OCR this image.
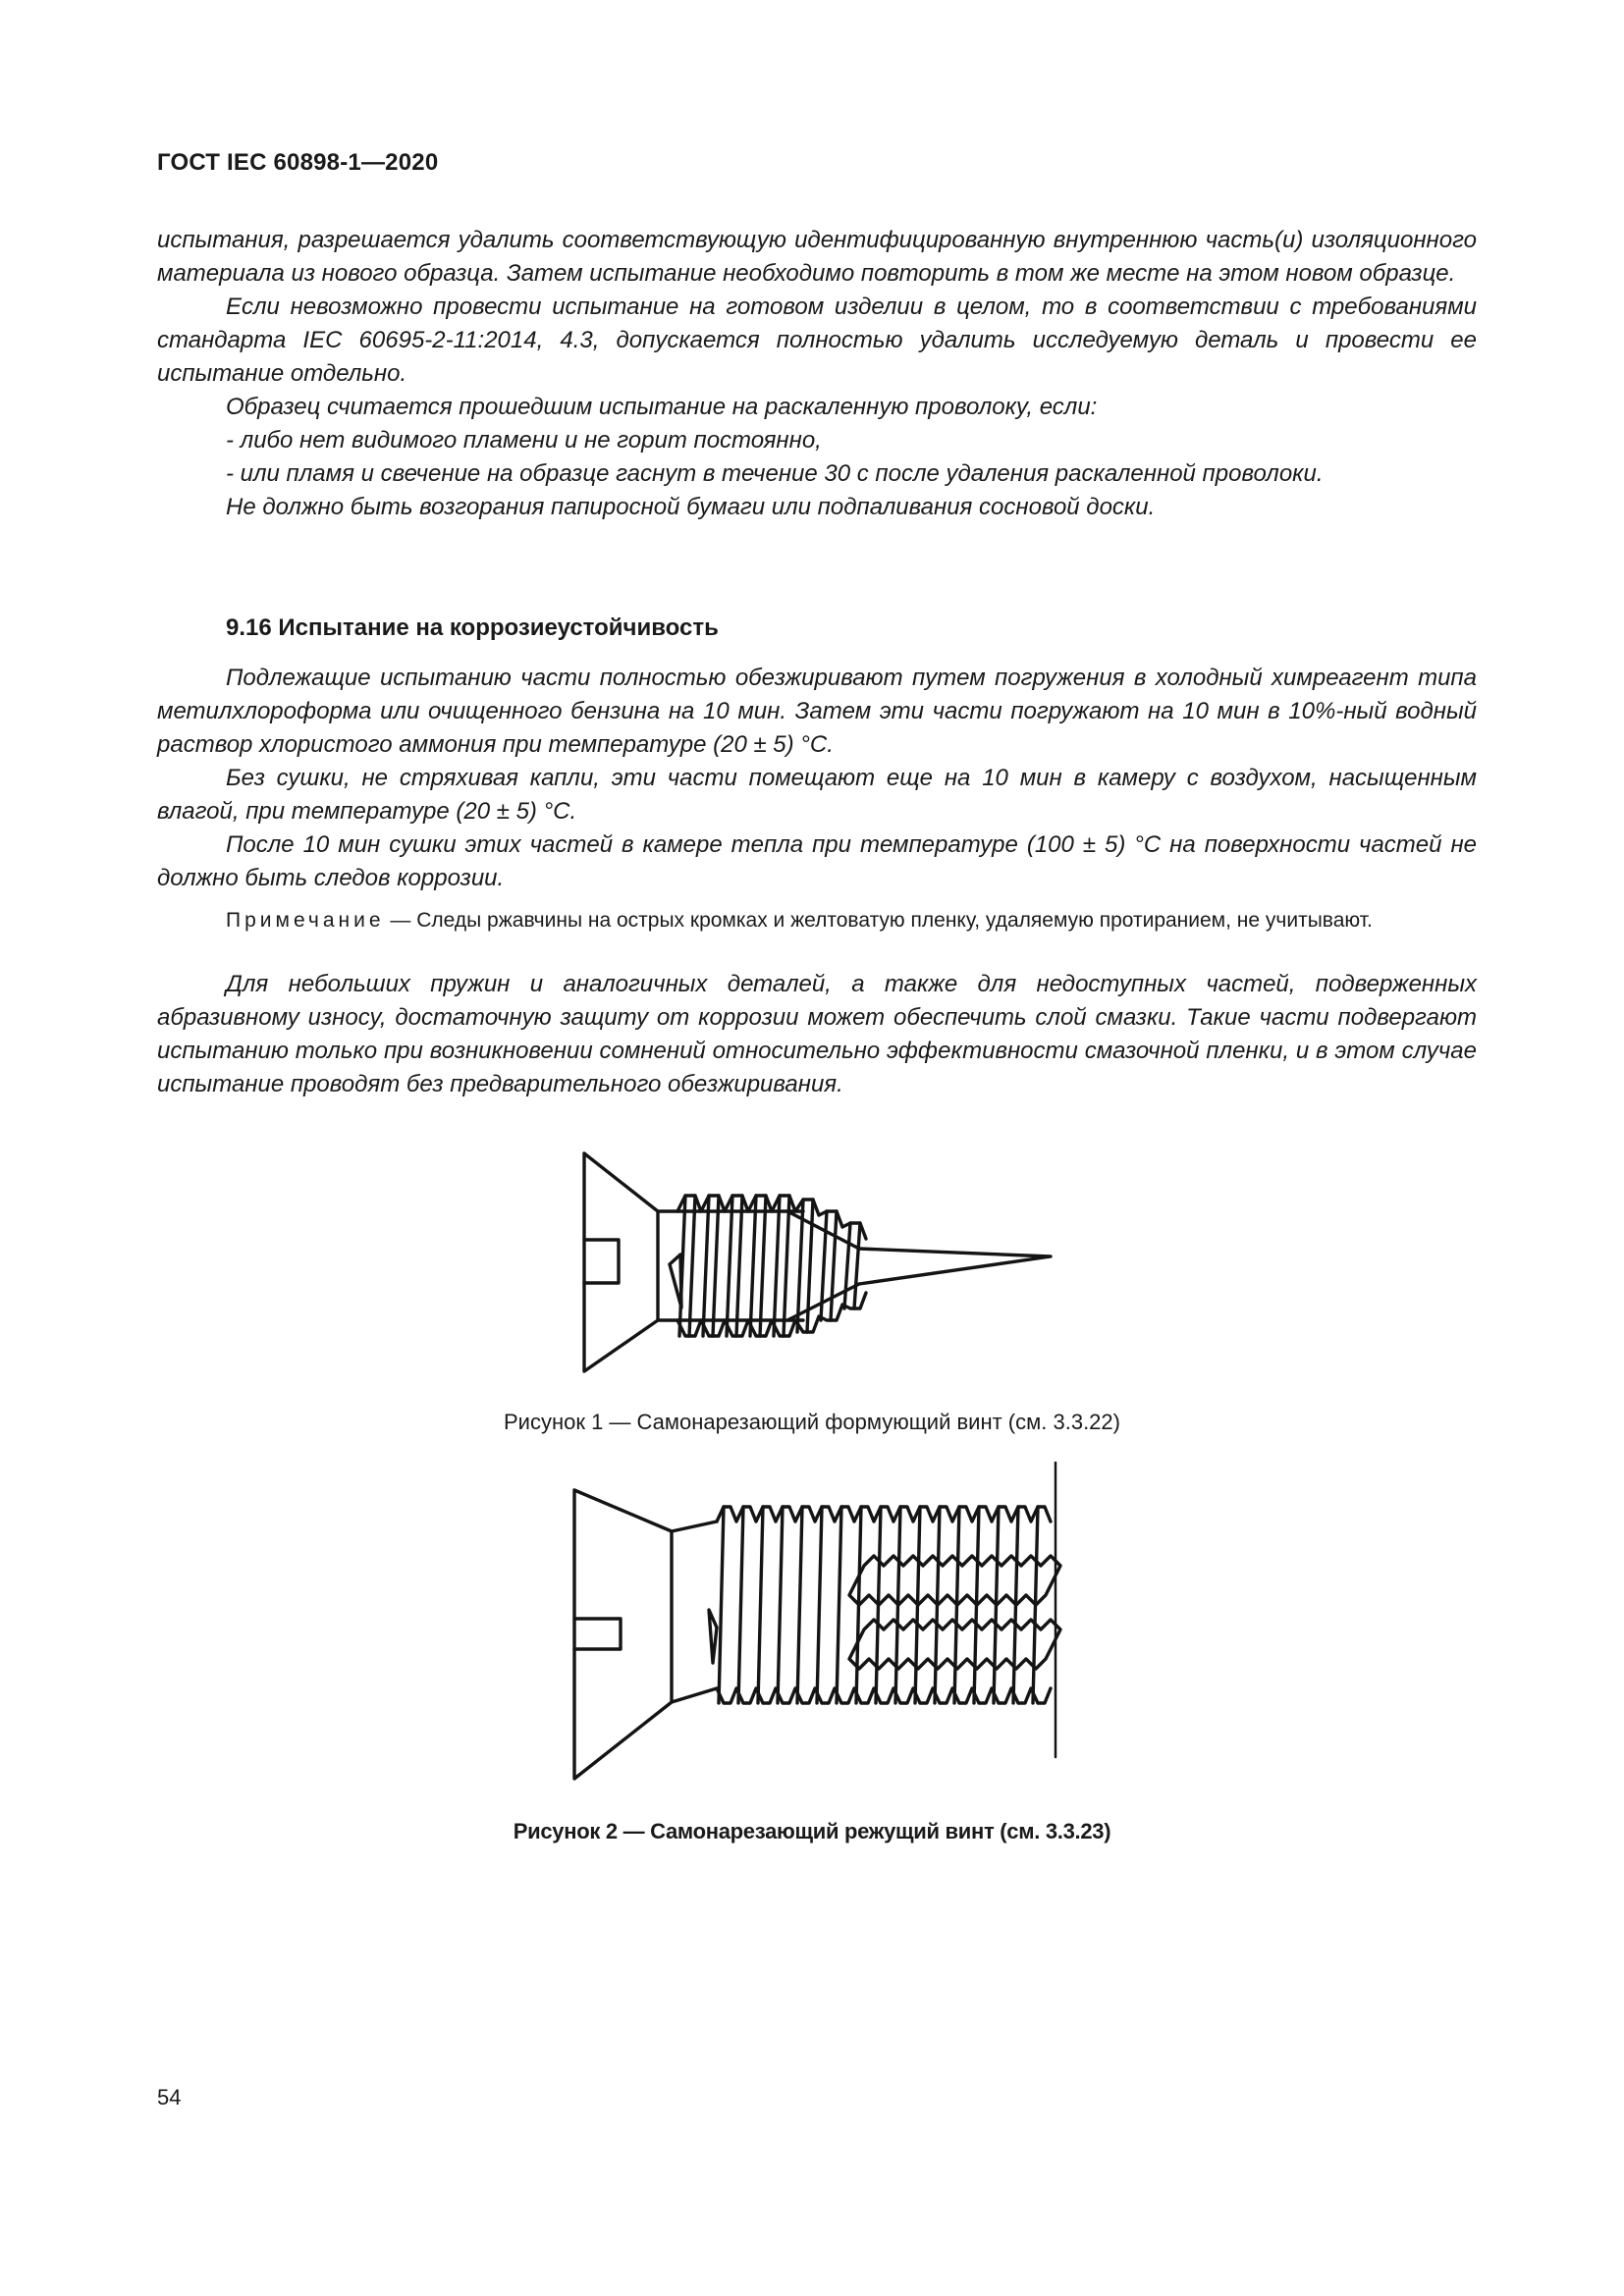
ГОСТ IEC 60898-1—2020

испытания, разрешается удалить соответствующую идентифицированную внутреннюю часть(и) изоляционного материала из нового образца. Затем испытание необходимо повторить в том же месте на этом новом образце.

Если невозможно провести испытание на готовом изделии в целом, то в соответствии с требованиями стандарта IEC 60695-2-11:2014, 4.3, допускается полностью удалить исследуемую деталь и провести ее испытание отдельно.

Образец считается прошедшим испытание на раскаленную проволоку, если:

- либо нет видимого пламени и не горит постоянно,

- или пламя и свечение на образце гаснут в течение 30 с после удаления раскаленной проволоки.

Не должно быть возгорания папиросной бумаги или подпаливания сосновой доски.

9.16 Испытание на коррозиеустойчивость

Подлежащие испытанию части полностью обезжиривают путем погружения в холодный химреагент типа метилхлороформа или очищенного бензина на 10 мин. Затем эти части погружают на 10 мин в 10%-ный водный раствор хлористого аммония при температуре (20 ± 5) °С.

Без сушки, не стряхивая капли, эти части помещают еще на 10 мин в камеру с воздухом, насыщенным влагой, при температуре (20 ± 5) °С.

После 10 мин сушки этих частей в камере тепла при температуре (100 ± 5) °С на поверхности частей не должно быть следов коррозии.

Примечание — Следы ржавчины на острых кромках и желтоватую пленку, удаляемую протиранием, не учитывают.

Для небольших пружин и аналогичных деталей, а также для недоступных частей, подверженных абразивному износу, достаточную защиту от коррозии может обеспечить слой смазки. Такие части подвергают испытанию только при возникновении сомнений относительно эффективности смазочной пленки, и в этом случае испытание проводят без предварительного обезжиривания.

Рисунок 1 — Самонарезающий формующий винт (см. 3.3.22)
Рисунок 2 — Самонарезающий режущий винт (см. 3.3.23)
54
